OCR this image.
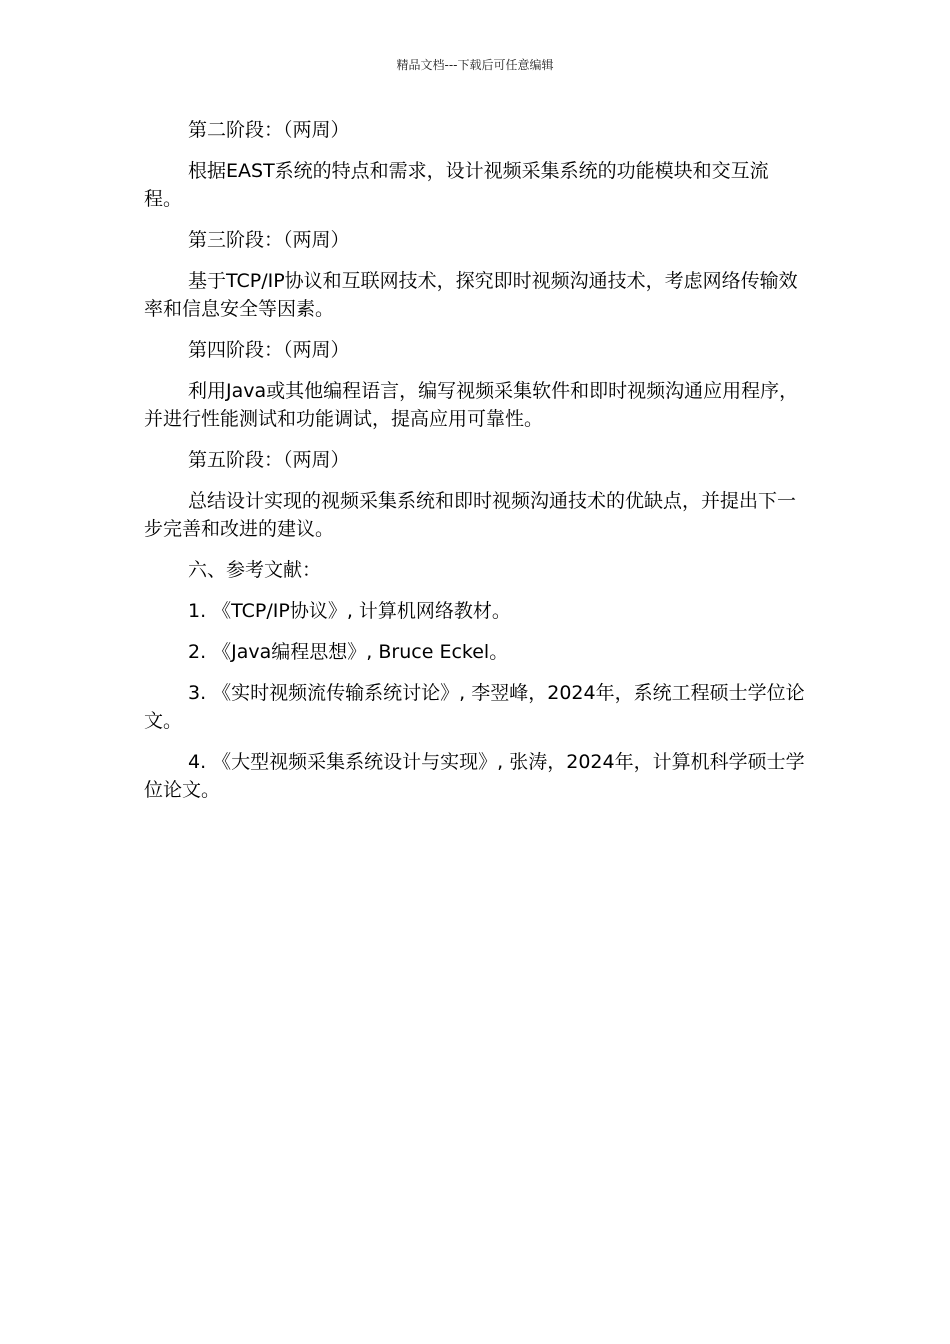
精品文档---下载后可任意编辑

第二阶段：（两周）

根据EAST系统的特点和需求，设计视频采集系统的功能模块和交互流程。

第三阶段：（两周）

基于TCP/IP协议和互联网技术，探究即时视频沟通技术，考虑网络传输效率和信息安全等因素。

第四阶段：（两周）

利用Java或其他编程语言，编写视频采集软件和即时视频沟通应用程序，并进行性能测试和功能调试，提高应用可靠性。

第五阶段：（两周）

总结设计实现的视频采集系统和即时视频沟通技术的优缺点，并提出下一步完善和改进的建议。

六、参考文献：

1. 《TCP/IP协议》, 计算机网络教材。

2. 《Java编程思想》, Bruce Eckel。

3. 《实时视频流传输系统讨论》, 李翌峰，2024年，系统工程硕士学位论文。

4. 《大型视频采集系统设计与实现》, 张涛，2024年，计算机科学硕士学位论文。
